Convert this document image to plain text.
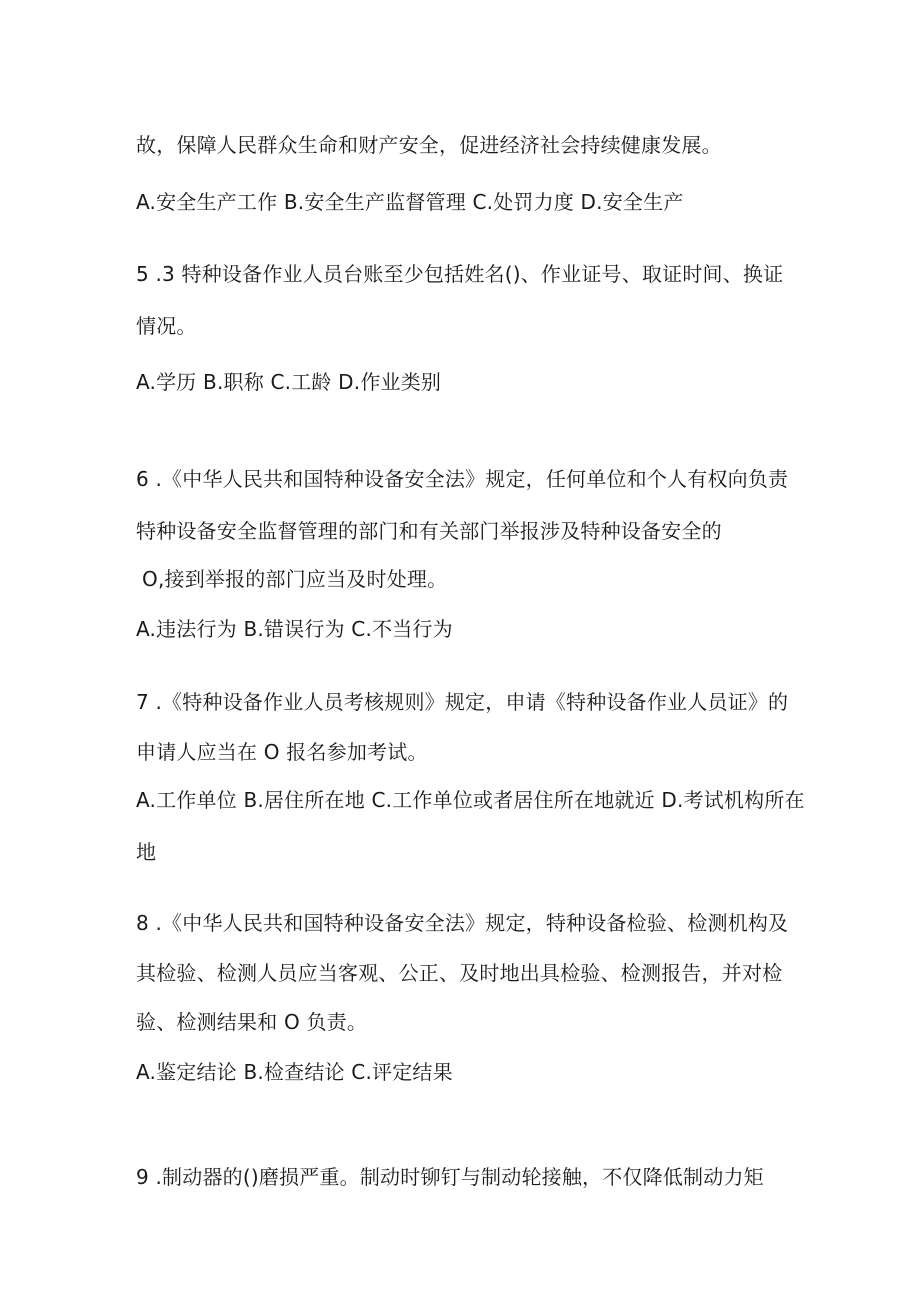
故，保障人民群众生命和财产安全，促进经济社会持续健康发展。
A.安全生产工作 B.安全生产监督管理 C.处罚力度 D.安全生产
5 .3 特种设备作业人员台账至少包括姓名()、作业证号、取证时间、换证
情况。
A.学历 B.职称 C.工龄 D.作业类别
6 .《中华人民共和国特种设备安全法》规定，任何单位和个人有权向负责
特种设备安全监督管理的部门和有关部门举报涉及特种设备安全的
O,接到举报的部门应当及时处理。
A.违法行为 B.错误行为 C.不当行为
7 .《特种设备作业人员考核规则》规定，申请《特种设备作业人员证》的
申请人应当在 O 报名参加考试。
A.工作单位 B.居住所在地 C.工作单位或者居住所在地就近 D.考试机构所在
地
8 .《中华人民共和国特种设备安全法》规定，特种设备检验、检测机构及
其检验、检测人员应当客观、公正、及时地出具检验、检测报告，并对检
验、检测结果和 O 负责。
A.鉴定结论 B.检查结论 C.评定结果
9 .制动器的()磨损严重。制动时铆钉与制动轮接触，不仅降低制动力矩
